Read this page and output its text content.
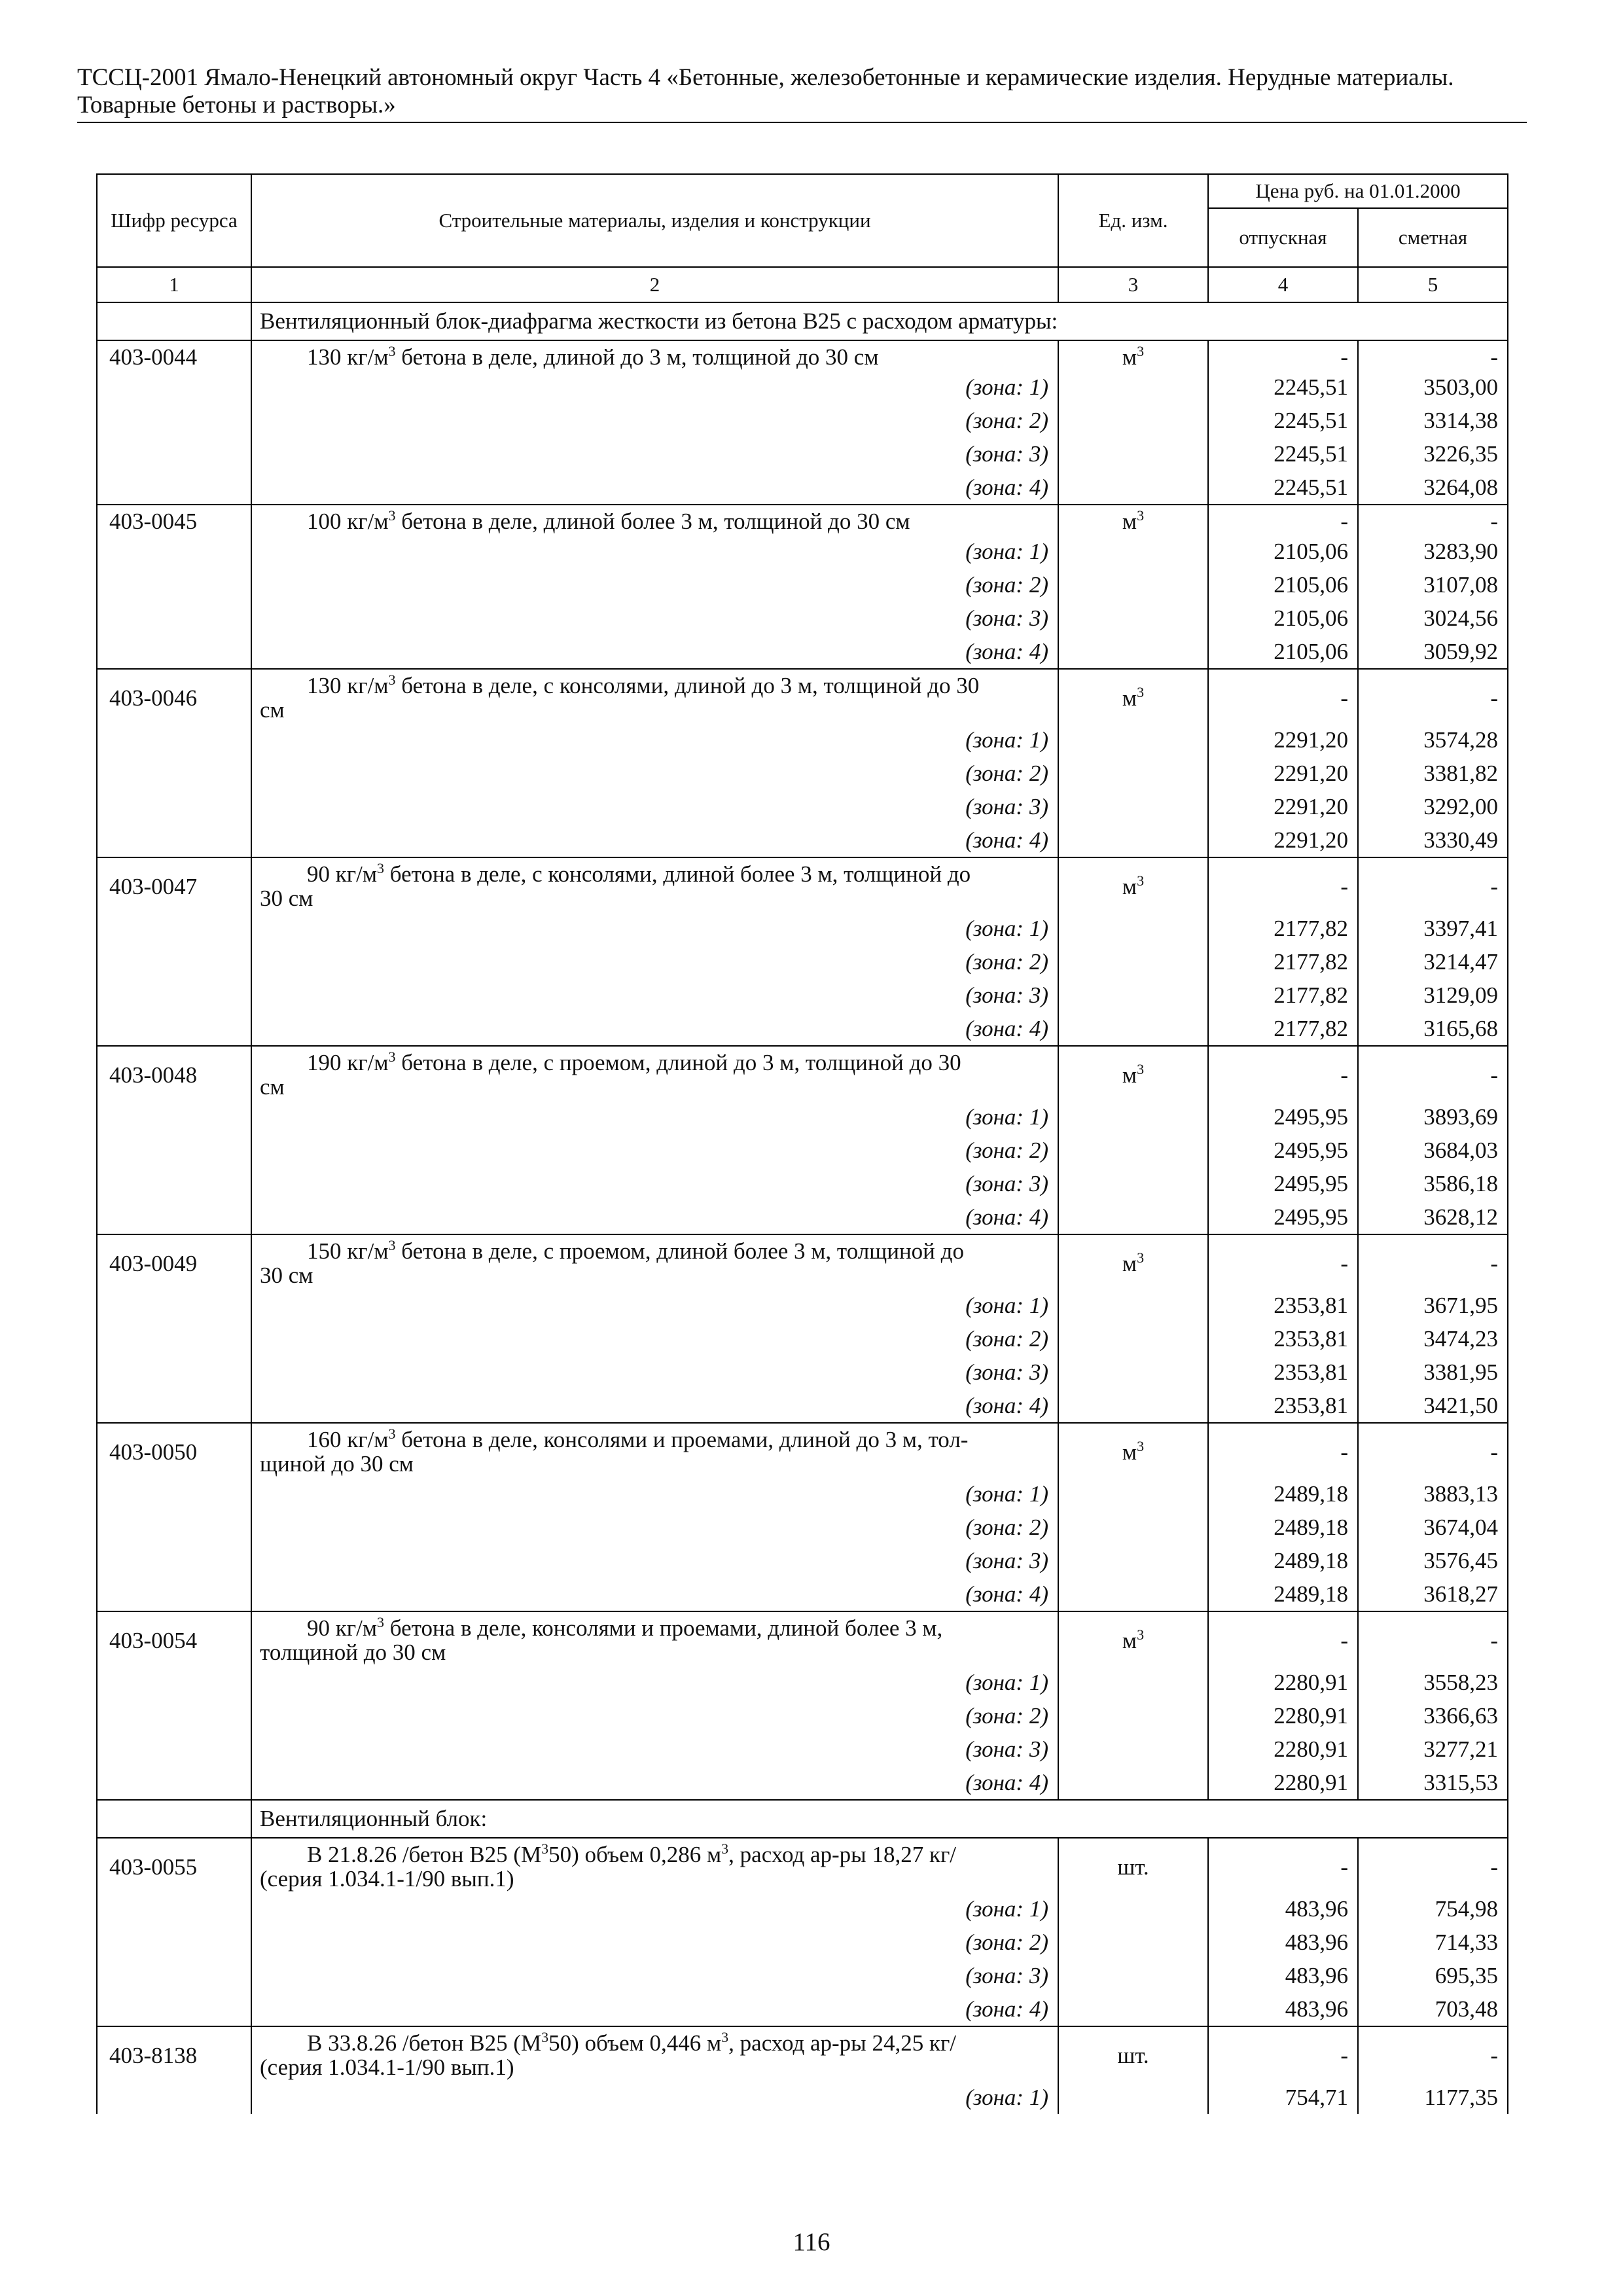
ТССЦ-2001 Ямало-Ненецкий автономный округ Часть 4 «Бетонные, железобетонные и керамические изделия. Нерудные материалы.
Товарные бетоны и растворы.»
Шифр ресурса	Строительные материалы, изделия и конструкции	Ед. изм.	Цена руб. на 01.01.2000	
			отпускная	сметная
1	2	3	4	5
	Вентиляционный блок-диафрагма жесткости из бетона В25 с расходом арматуры:			
403-0044	130 $кг/м^3$ бетона в деле, длиной до 3 м, толщиной до 30 см	$м^3$	-	-
	(зона: 1)		2245,51	3503,00
	(зона: 2)		2245,51	3314,38
	(зона: 3)		2245,51	3226,35
	(зона: 4)		2245,51	3264,08
403-0045	100 $кг/м^3$ бетона в деле, длиной более 3 м, толщиной до 30 см	$м^3$	-	-
	(зона: 1)		2105,06	3283,90
	(зона: 2)		2105,06	3107,08
	(зона: 3)		2105,06	3024,56
	(зона: 4)		2105,06	3059,92
403-0046	130 $кг/м^3$ бетона в деле, с консолями, длиной до 3 м, толщиной до 30
см	$м^3$	-	-
	(зона: 1)		2291,20	3574,28
	(зона: 2)		2291,20	3381,82
	(зона: 3)		2291,20	3292,00
	(зона: 4)		2291,20	3330,49
403-0047	90 $кг/м^3$ бетона в деле, с консолями, длиной более 3 м, толщиной до
30 см	$м^3$	-	-
	(зона: 1)		2177,82	3397,41
	(зона: 2)		2177,82	3214,47
	(зона: 3)		2177,82	3129,09
	(зона: 4)		2177,82	3165,68
403-0048	190 $кг/м^3$ бетона в деле, с проемом, длиной до 3 м, толщиной до 30
см	$м^3$	-	-
	(зона: 1)		2495,95	3893,69
	(зона: 2)		2495,95	3684,03
	(зона: 3)		2495,95	3586,18
	(зона: 4)		2495,95	3628,12
403-0049	150 $кг/м^3$ бетона в деле, с проемом, длиной более 3 м, толщиной до
30 см	$м^3$	-	-
	(зона: 1)		2353,81	3671,95
	(зона: 2)		2353,81	3474,23
	(зона: 3)		2353,81	3381,95
	(зона: 4)		2353,81	3421,50
403-0050	160 $кг/м^3$ бетона в деле, консолями и проемами, длиной до 3 м, тол-
щиной до 30 см	$м^3$	-	-
	(зона: 1)		2489,18	3883,13
	(зона: 2)		2489,18	3674,04
	(зона: 3)		2489,18	3576,45
	(зона: 4)		2489,18	3618,27
403-0054	90 $кг/м^3$ бетона в деле, консолями и проемами, длиной более 3 м,
толщиной до 30 см	$м^3$	-	-
	(зона: 1)		2280,91	3558,23
	(зона: 2)		2280,91	3366,63
	(зона: 3)		2280,91	3277,21
	(зона: 4)		2280,91	3315,53
	Вентиляционный блок:			
403-0055	В 21.8.26 /бетон В25 $(М^350)$ объем 0,286 $м^3$, расход ар-ры 18,27 кг/
(серия 1.034.1-1/90 вып.1)	шт.	-	-
	(зона: 1)		483,96	754,98
	(зона: 2)		483,96	714,33
	(зона: 3)		483,96	695,35
	(зона: 4)		483,96	703,48
403-8138	В 33.8.26 /бетон В25 $(М^350)$ объем 0,446 $м^3$, расход ар-ры 24,25 кг/
(серия 1.034.1-1/90 вып.1)	шт.	-	-
	(зона: 1)		754,71	1177,35
116
